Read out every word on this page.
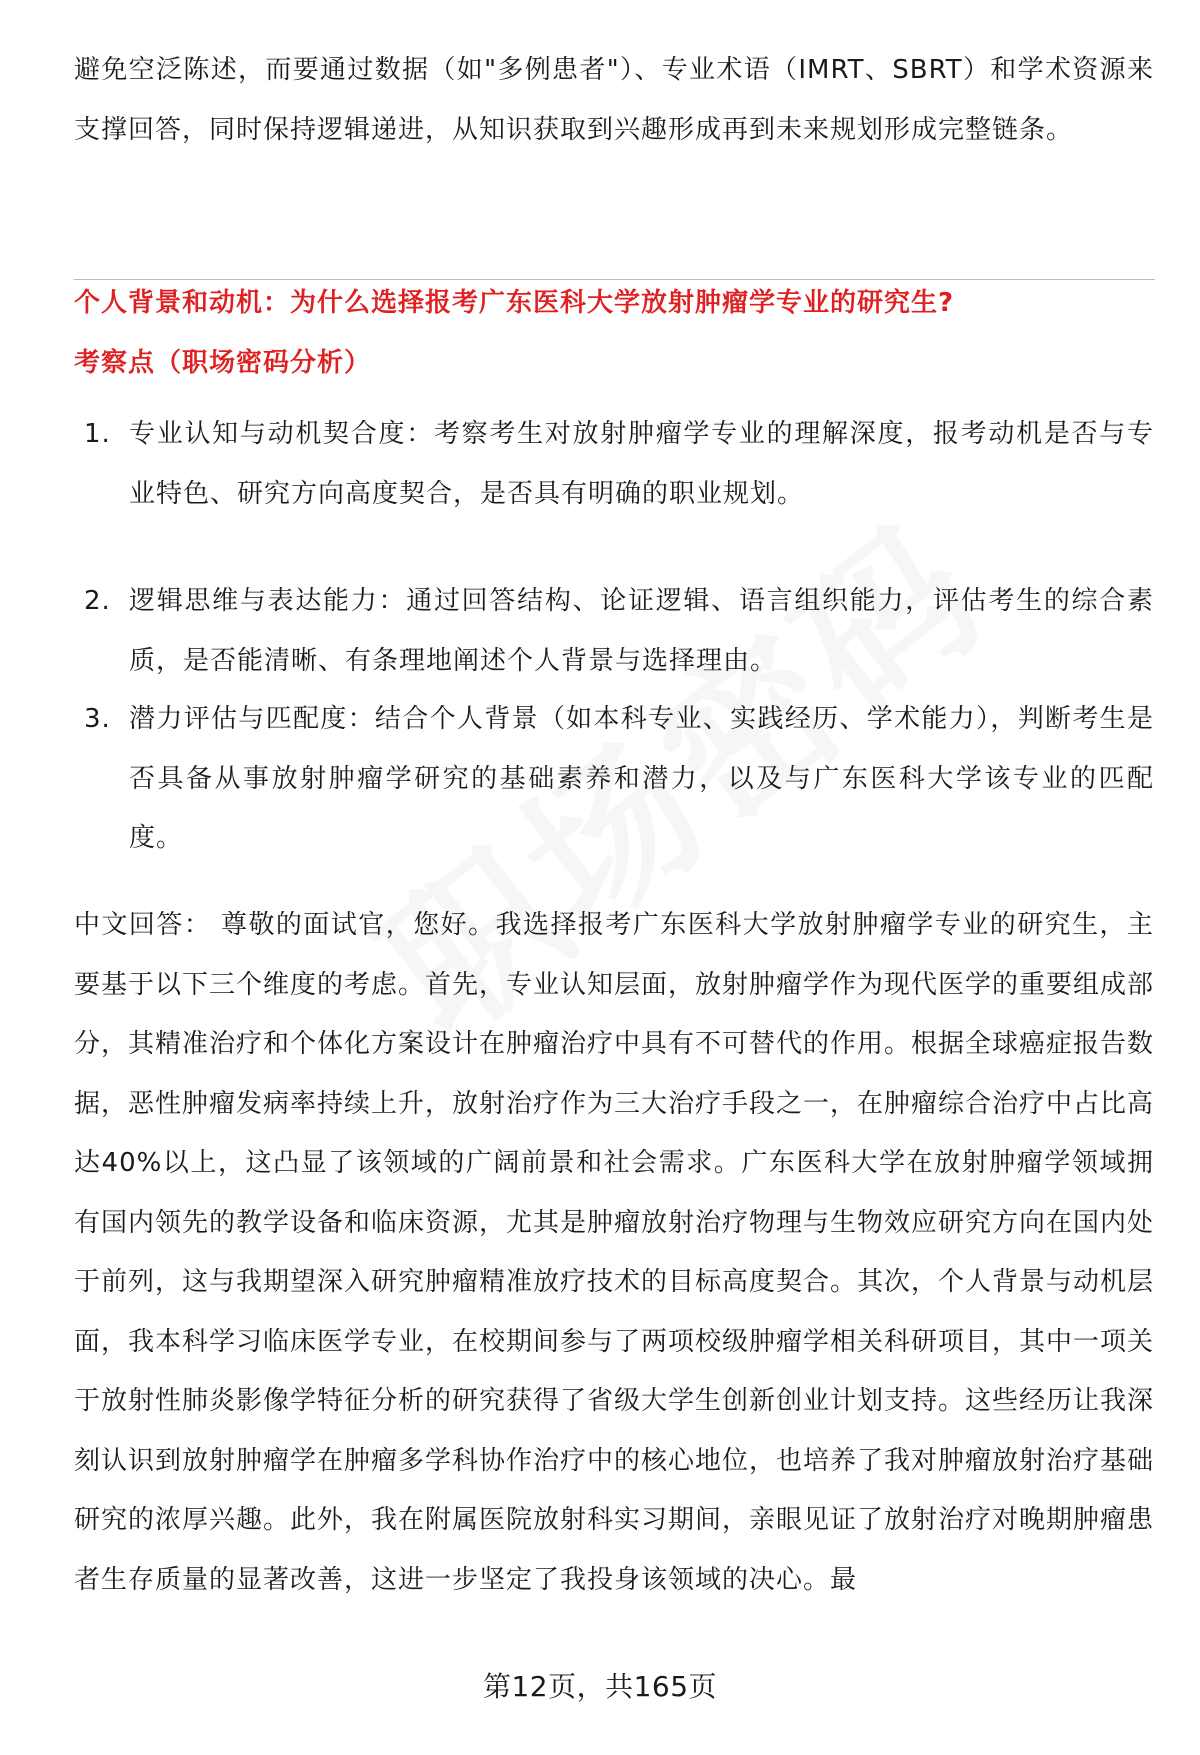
避免空泛陈述，而要通过数据（如"多例患者"）、专业术语（IMRT、SBRT）和学术资源来支撑回答，同时保持逻辑递进，从知识获取到兴趣形成再到未来规划形成完整链条。

个人背景和动机：为什么选择报考广东医科大学放射肿瘤学专业的研究生?
考察点（职场密码分析）
1. 专业认知与动机契合度：考察考生对放射肿瘤学专业的理解深度，报考动机是否与专业特色、研究方向高度契合，是否具有明确的职业规划。
2. 逻辑思维与表达能力：通过回答结构、论证逻辑、语言组织能力，评估考生的综合素质，是否能清晰、有条理地阐述个人背景与选择理由。
3. 潜力评估与匹配度：结合个人背景（如本科专业、实践经历、学术能力），判断考生是否具备从事放射肿瘤学研究的基础素养和潜力，以及与广东医科大学该专业的匹配度。

中文回答： 尊敬的面试官，您好。我选择报考广东医科大学放射肿瘤学专业的研究生，主要基于以下三个维度的考虑。首先，专业认知层面，放射肿瘤学作为现代医学的重要组成部分，其精准治疗和个体化方案设计在肿瘤治疗中具有不可替代的作用。根据全球癌症报告数据，恶性肿瘤发病率持续上升，放射治疗作为三大治疗手段之一，在肿瘤综合治疗中占比高达40%以上，这凸显了该领域的广阔前景和社会需求。广东医科大学在放射肿瘤学领域拥有国内领先的教学设备和临床资源，尤其是肿瘤放射治疗物理与生物效应研究方向在国内处于前列，这与我期望深入研究肿瘤精准放疗技术的目标高度契合。其次，个人背景与动机层面，我本科学习临床医学专业，在校期间参与了两项校级肿瘤学相关科研项目，其中一项关于放射性肺炎影像学特征分析的研究获得了省级大学生创新创业计划支持。这些经历让我深刻认识到放射肿瘤学在肿瘤多学科协作治疗中的核心地位，也培养了我对肿瘤放射治疗基础研究的浓厚兴趣。此外，我在附属医院放射科实习期间，亲眼见证了放射治疗对晚期肿瘤患者生存质量的显著改善，这进一步坚定了我投身该领域的决心。最

第12页，共165页
